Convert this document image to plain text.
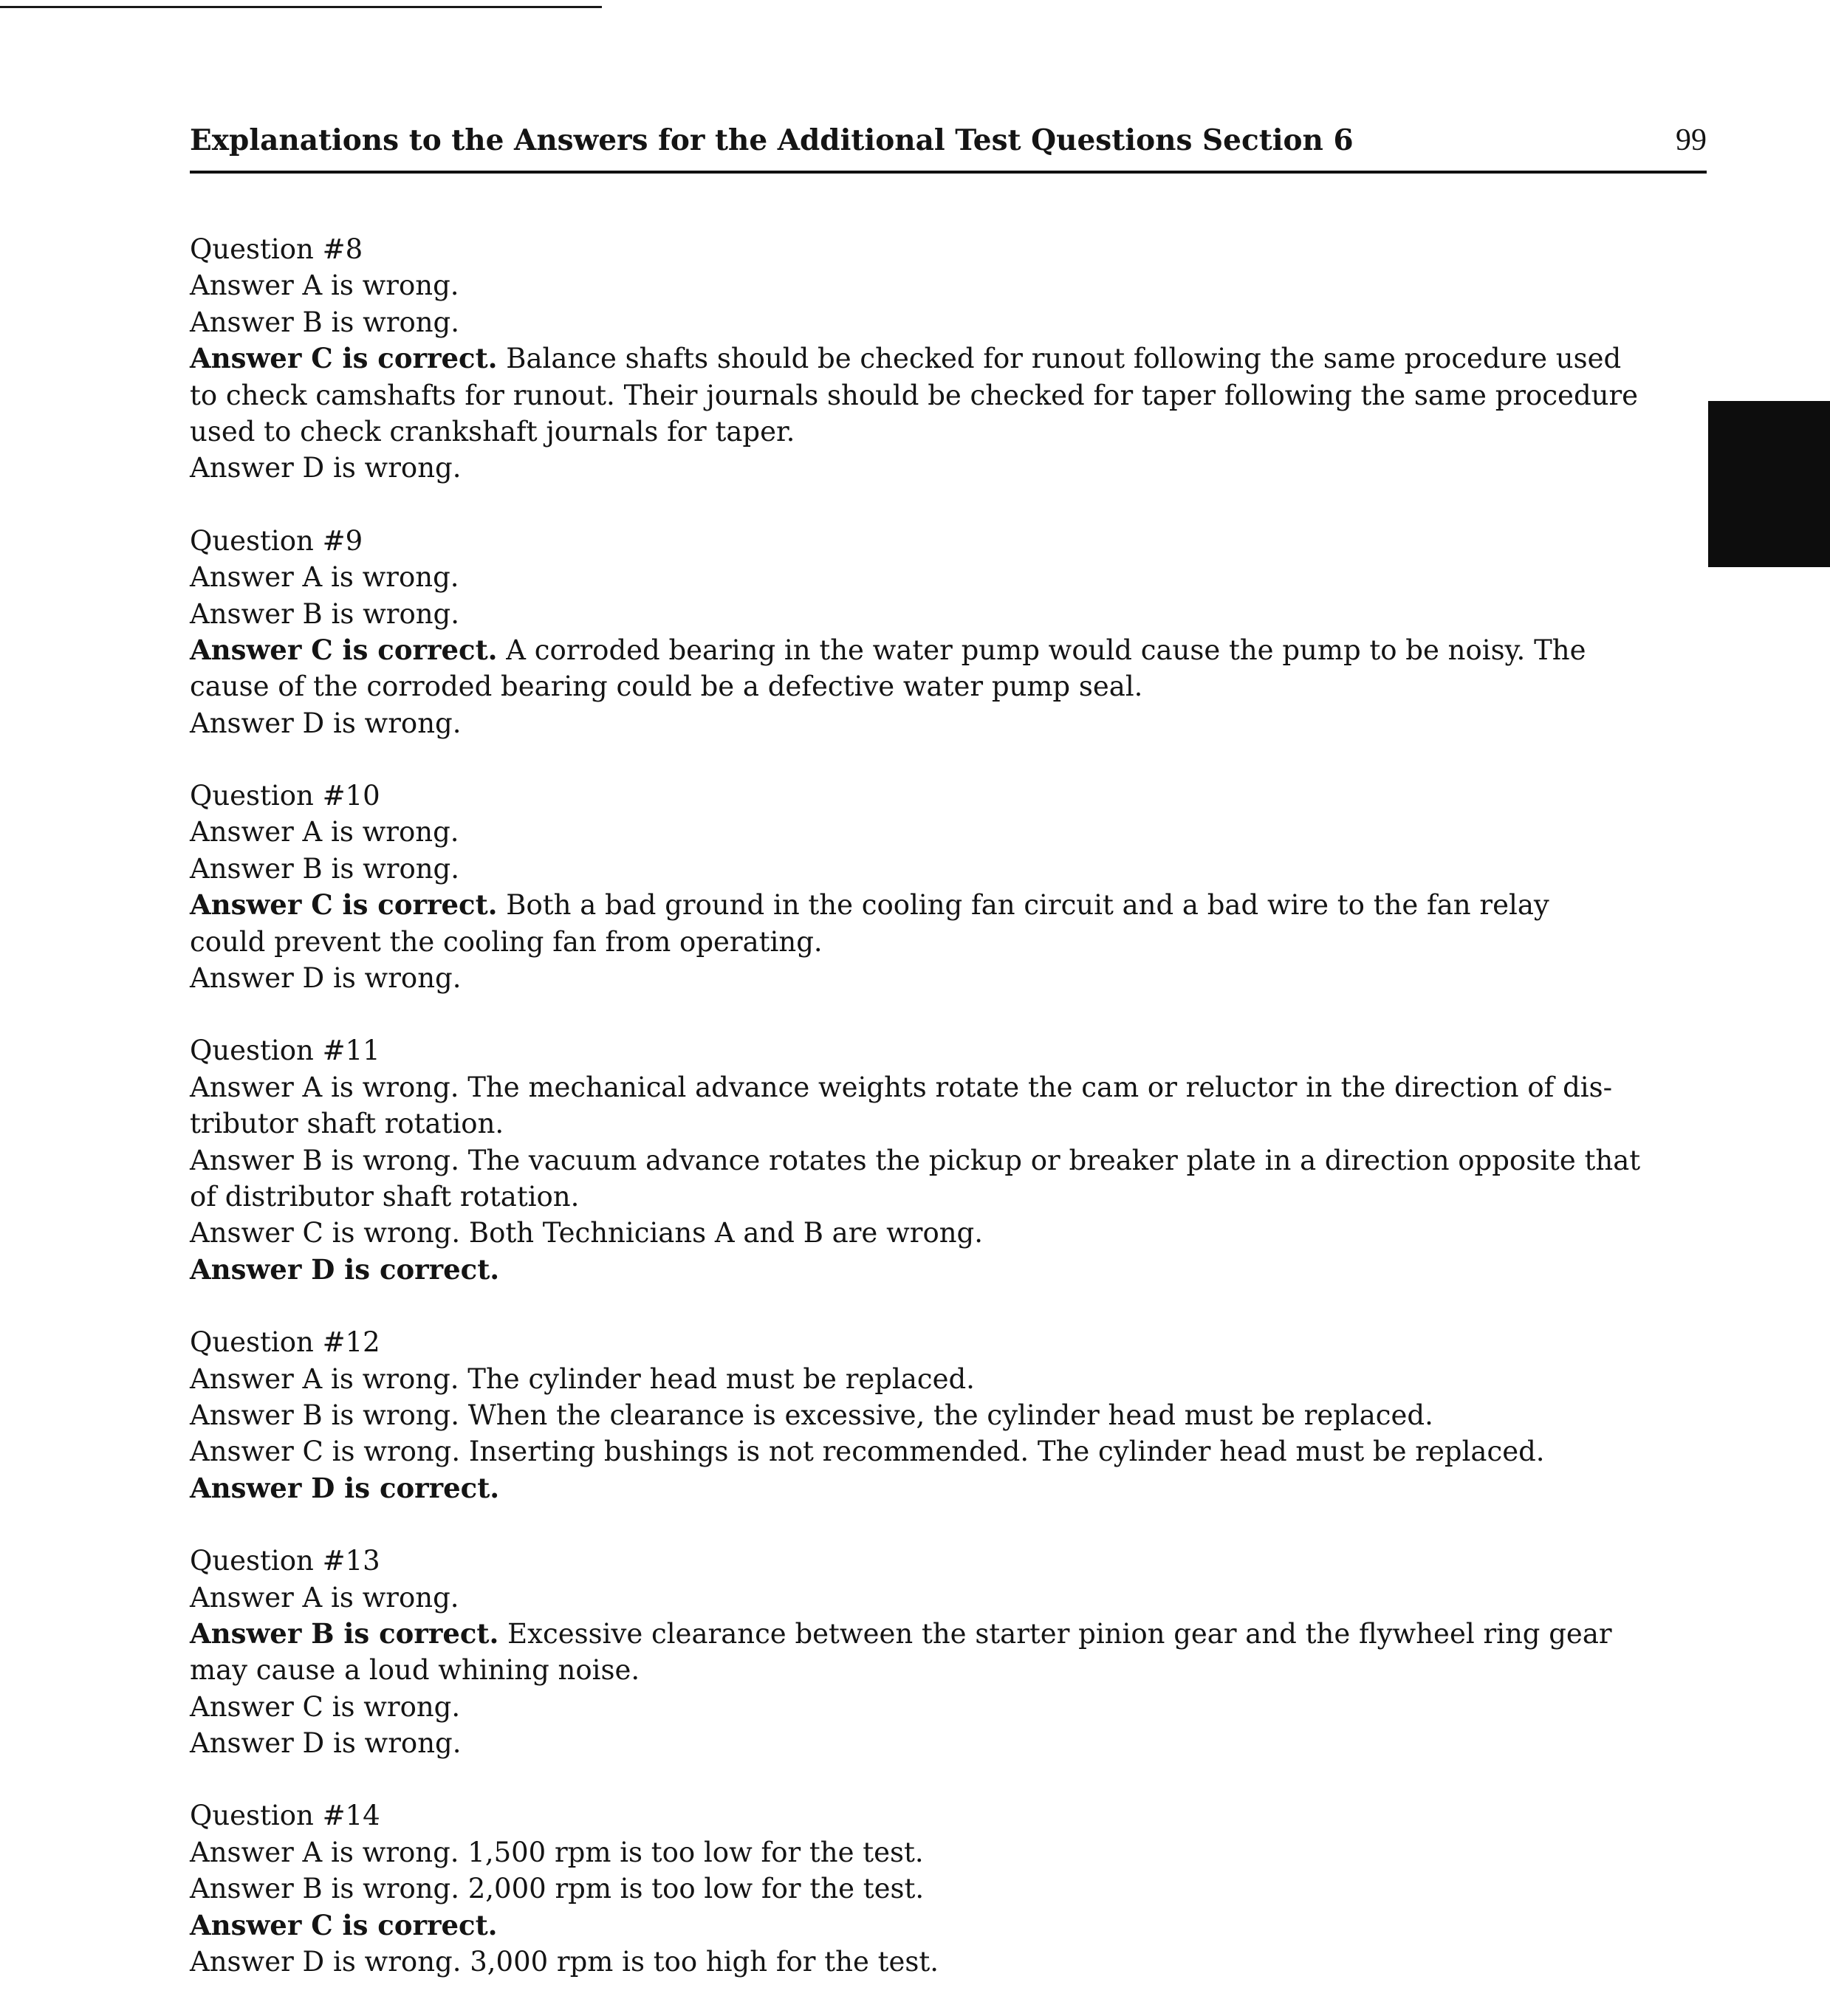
Explanations to the Answers for the Additional Test Questions Section 6	99
Question #8
Answer A is wrong.
Answer B is wrong.
Answer C is correct. Balance shafts should be checked for runout following the same procedure used
to check camshafts for runout. Their journals should be checked for taper following the same procedure
used to check crankshaft journals for taper.
Answer D is wrong.
Question #9
Answer A is wrong.
Answer B is wrong.
Answer C is correct. A corroded bearing in the water pump would cause the pump to be noisy. The
cause of the corroded bearing could be a defective water pump seal.
Answer D is wrong.
Question #10
Answer A is wrong.
Answer B is wrong.
Answer C is correct. Both a bad ground in the cooling fan circuit and a bad wire to the fan relay
could prevent the cooling fan from operating.
Answer D is wrong.
Question #11
Answer A is wrong. The mechanical advance weights rotate the cam or reluctor in the direction of dis-
tributor shaft rotation.
Answer B is wrong. The vacuum advance rotates the pickup or breaker plate in a direction opposite that
of distributor shaft rotation.
Answer C is wrong. Both Technicians A and B are wrong.
Answer D is correct.
Question #12
Answer A is wrong. The cylinder head must be replaced.
Answer B is wrong. When the clearance is excessive, the cylinder head must be replaced.
Answer C is wrong. Inserting bushings is not recommended. The cylinder head must be replaced.
Answer D is correct.
Question #13
Answer A is wrong.
Answer B is correct. Excessive clearance between the starter pinion gear and the flywheel ring gear
may cause a loud whining noise.
Answer C is wrong.
Answer D is wrong.
Question #14
Answer A is wrong. 1,500 rpm is too low for the test.
Answer B is wrong. 2,000 rpm is too low for the test.
Answer C is correct.
Answer D is wrong. 3,000 rpm is too high for the test.
